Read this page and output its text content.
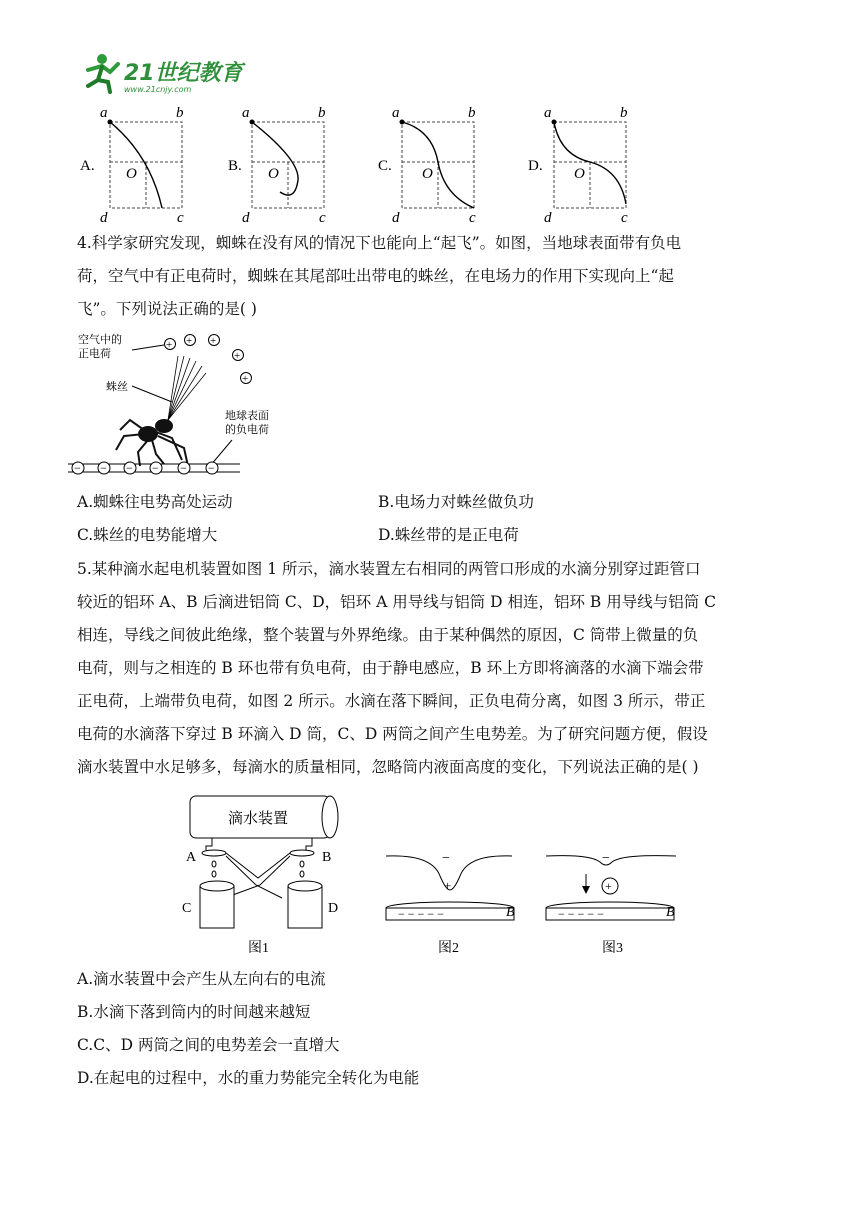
21世纪教育
www.21cnjy.com
A.
a	b
d	c
O	B.
a	b
d	c
O	C.
a	b
d	c
O	D.
a	b
d	c
O
4.科学家研究发现，蜘蛛在没有风的情况下也能向上“起飞”。如图，当地球表面带有负电
荷，空气中有正电荷时，蜘蛛在其尾部吐出带电的蛛丝，在电场力的作用下实现向上“起
飞”。下列说法正确的是( )
空气中的
正电荷
+ + +
+
+
蛛丝
地球表面
的负电荷
− − − − − −
A.蜘蛛往电势高处运动	B.电场力对蛛丝做负功
C.蛛丝的电势能增大	D.蛛丝带的是正电荷
5.某种滴水起电机装置如图 1 所示，滴水装置左右相同的两管口形成的水滴分别穿过距管口
较近的铝环 A、B 后滴进铝筒 C、D，铝环 A 用导线与铝筒 D 相连，铝环 B 用导线与铝筒 C
相连，导线之间彼此绝缘，整个装置与外界绝缘。由于某种偶然的原因，C 筒带上微量的负
电荷，则与之相连的 B 环也带有负电荷，由于静电感应，B 环上方即将滴落的水滴下端会带
正电荷，上端带负电荷，如图 2 所示。水滴在落下瞬间，正负电荷分离，如图 3 所示，带正
电荷的水滴落下穿过 B 环滴入 D 筒，C、D 两筒之间产生电势差。为了研究问题方便，假设
滴水装置中水足够多，每滴水的质量相同，忽略筒内液面高度的变化，下列说法正确的是( )
滴水装置
A	B
C	D
图1
−
+
− − − − −	B
图2
−
+
− − − − −	B
图3
A.滴水装置中会产生从左向右的电流
B.水滴下落到筒内的时间越来越短
C.C、D 两筒之间的电势差会一直增大
D.在起电的过程中，水的重力势能完全转化为电能
